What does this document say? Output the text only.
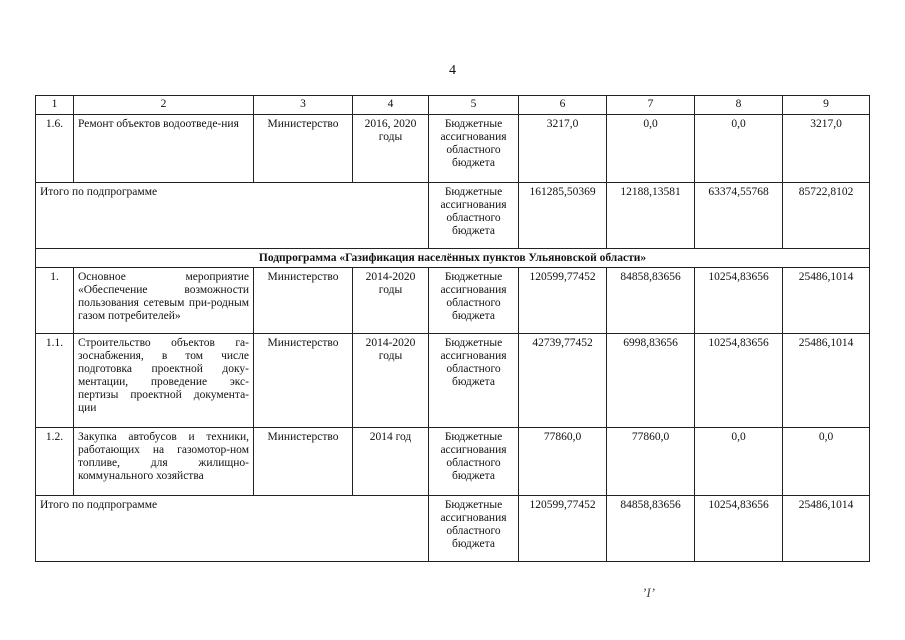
4
1	2	3	4	5	6	7	8	9
1.6.	Ремонт объектов водоотведе-ния	Министерство	2016, 2020 годы	Бюджетные ассигнования областного бюджета	3217,0	0,0	0,0	3217,0
Итого по подпрограмме				Бюджетные ассигнования областного бюджета	161285,50369	12188,13581	63374,55768	85722,8102
Подпрограмма «Газификация населённых пунктов Ульяновской области»								
1.	Основное мероприятие «Обеспечение возможности пользования сетевым при-родным газом потребителей»	Министерство	2014-2020 годы	Бюджетные ассигнования областного бюджета	120599,77452	84858,83656	10254,83656	25486,1014
1.1.	Строительство объектов га-зоснабжения, в том числе подготовка проектной доку-ментации, проведение экс-пертизы проектной документа-ции	Министерство	2014-2020 годы	Бюджетные ассигнования областного бюджета	42739,77452	6998,83656	10254,83656	25486,1014
1.2.	Закупка автобусов и техники, работающих на газомотор-ном топливе, для жилищно-коммунального хозяйства	Министерство	2014 год	Бюджетные ассигнования областного бюджета	77860,0	77860,0	0,0	0,0
Итого по подпрограмме				Бюджетные ассигнования областного бюджета	120599,77452	84858,83656	10254,83656	25486,1014
’I’
